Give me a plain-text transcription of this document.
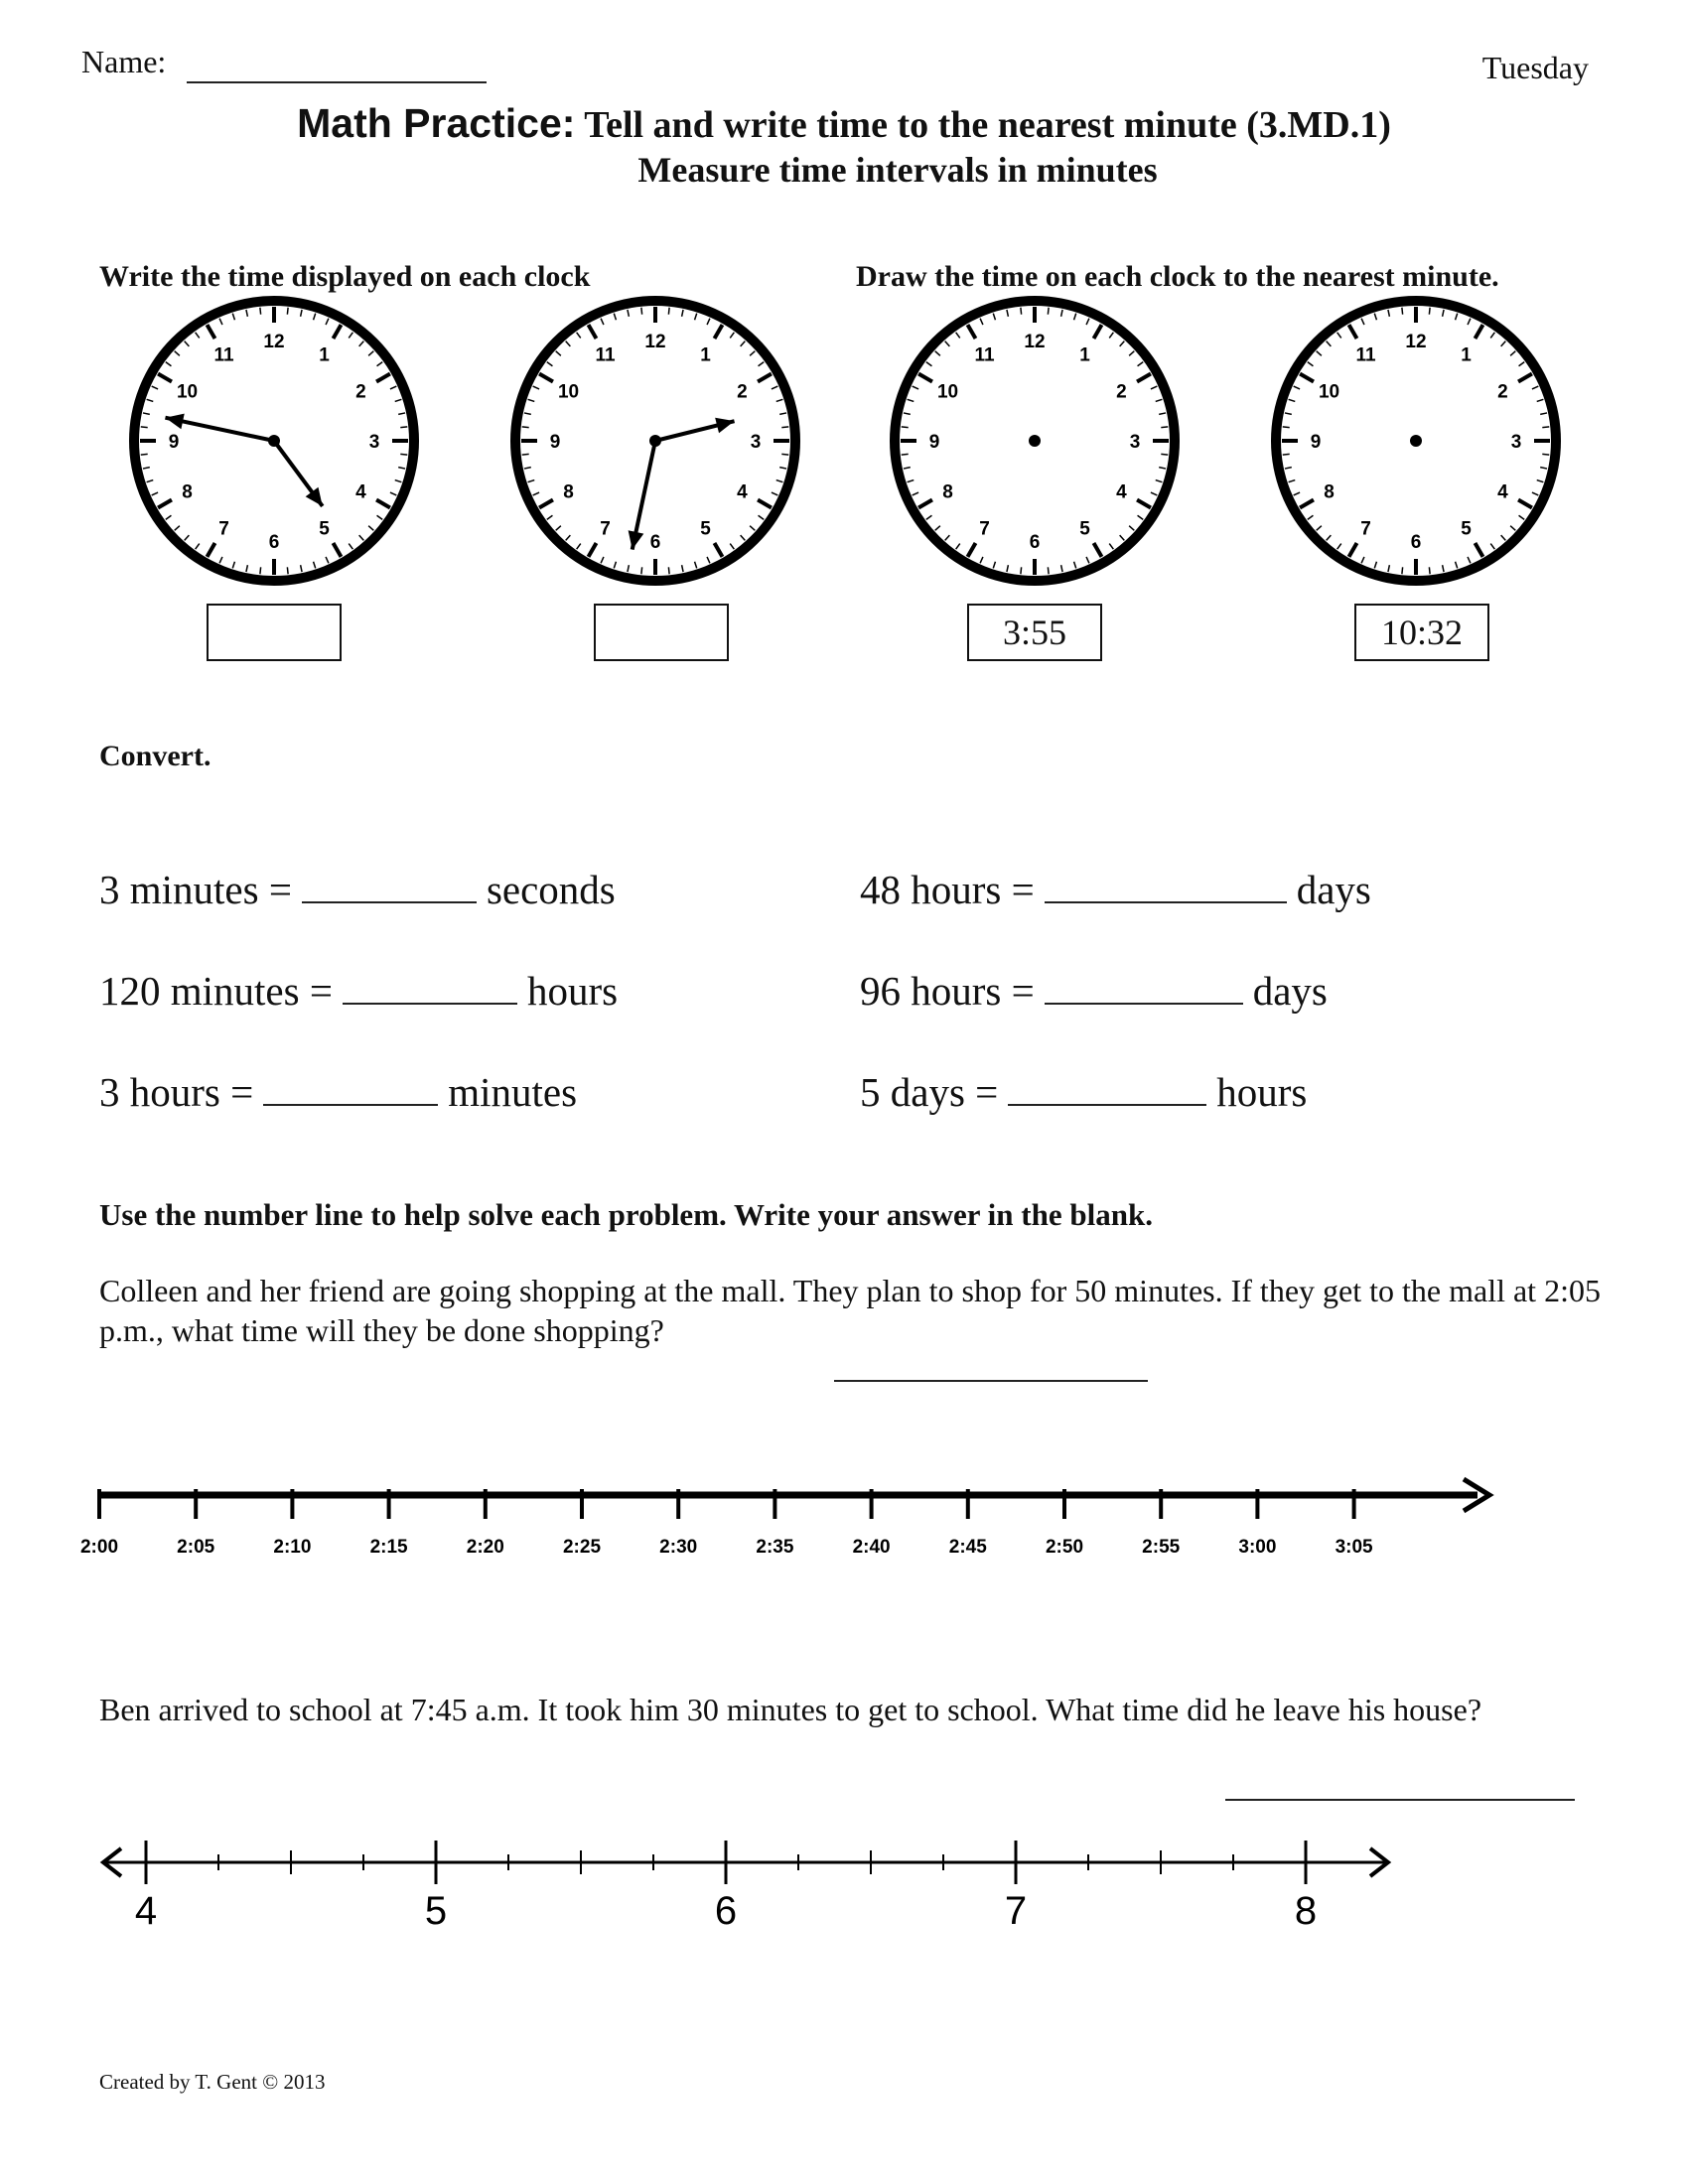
Name:	Tuesday
Math Practice: Tell and write time to the nearest minute (3.MD.1)
Measure time intervals in minutes
Write the time displayed on each clock	Draw the time on each clock to the nearest minute.
12
1
2
3
4
5
6
7
8
9
10
11
12
1
2
3
4
5
6
7
8
9
10
11
12
1
2
3
4
5
6
7
8
9
10
11
12
1
2
3
4
5
6
7
8
9
10
11
3:55	10:32
Convert.
3 minutes =	seconds	48 hours =	days
120 minutes =	hours	96 hours =	days
3 hours =	minutes	5 days =	hours
Use the number line to help solve each problem. Write your answer in the blank.
Colleen and her friend are going shopping at the mall. They plan to shop for 50 minutes. If they get to the mall at 2:05 p.m., what time will they be done shopping?
2:00	2:05	2:10	2:15	2:20	2:25	2:30	2:35	2:40	2:45	2:50	2:55	3:00	3:05
Ben arrived to school at 7:45 a.m. It took him 30 minutes to get to school. What time did he leave his house?
4	5	6	7	8
Created by T. Gent © 2013
